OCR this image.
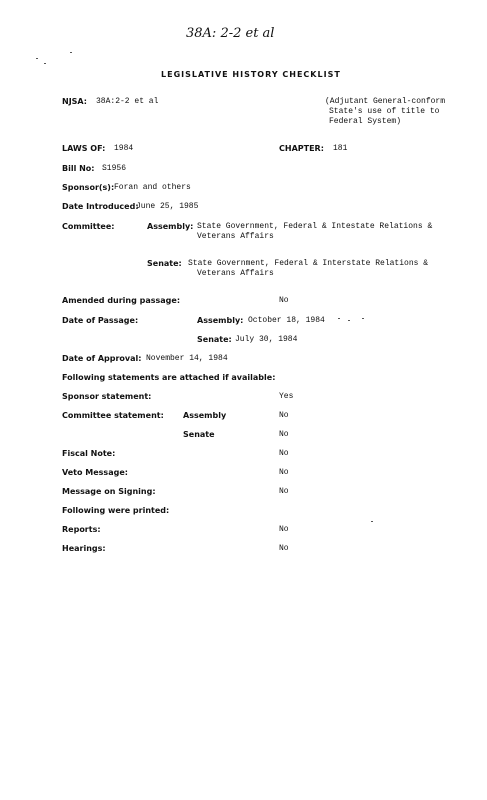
38A: 2-2 et al
LEGISLATIVE HISTORY CHECKLIST
NJSA: 38A:2-2 et al	(Adjutant General-conform
State's use of title to
Federal System)
LAWS OF: 1984	CHAPTER: 181
Bill No: S1956
Sponsor(s): Foran and others
Date Introduced:
June 25, 1985
Committee:	Assembly: State Government, Federal & Intestate Relations &
Veterans Affairs
Senate: State Government, Federal & Interstate Relations &
Veterans Affairs
Amended during passage:	No
Date of Passage:	Assembly: October 18, 1984
Senate: July 30, 1984
Date of Approval: November 14, 1984
Following statements are attached if available:
Sponsor statement:	Yes
Committee statement: Assembly	No
Senate	No
Fiscal Note:	No
Veto Message:	No
Message on Signing:	No
Following were printed:
Reports:	No
Hearings:	No
